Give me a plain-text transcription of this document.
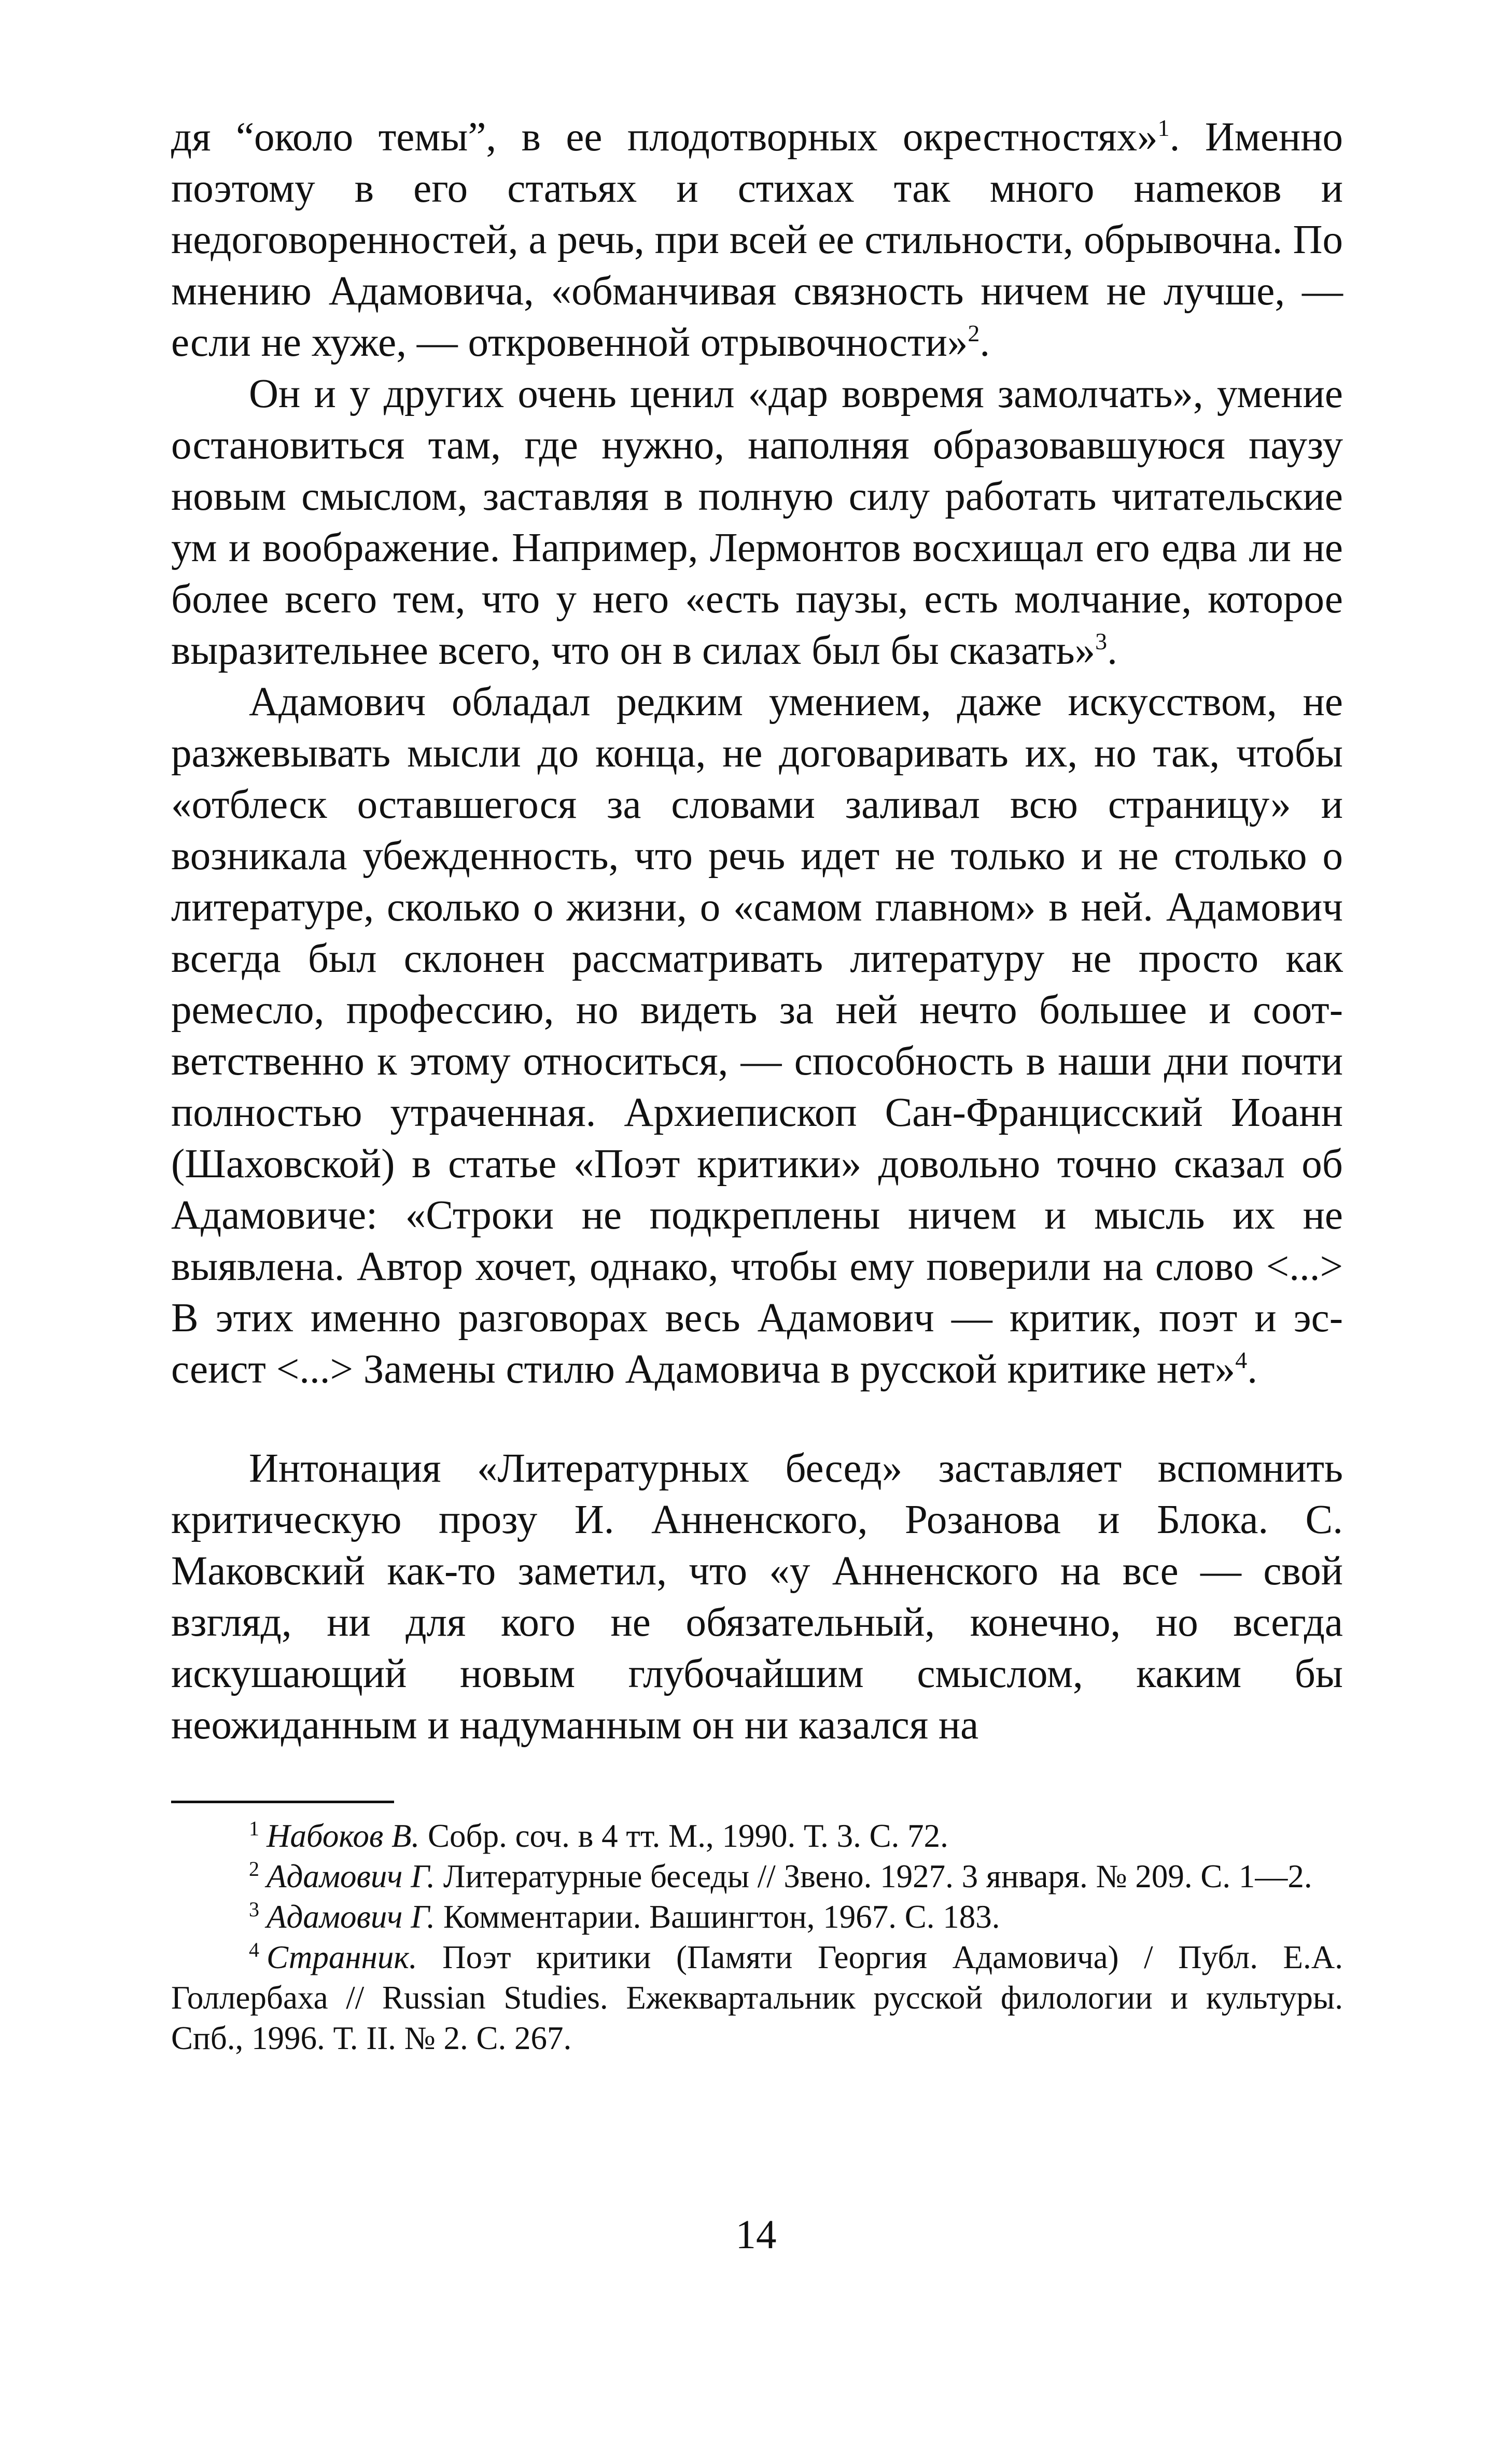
дя “около темы”, в ее плодотворных окрестностях»$^1$. Именно поэтому в его статьях и стихах так много наmеков и недоговоренностей, а речь, при всей ее стильности, обрывочна. По мнению Адамовича, «обманчивая связность ничем не лучше, — если не хуже, — откровенной отрывочности»$^2$.

Он и у других очень ценил «дар вовремя замолчать», умение остановиться там, где нужно, наполняя образовавшуюся паузу новым смыслом, заставляя в полную силу работать читательские ум и воображение. Например, Лермонтов восхищал его едва ли не более всего тем, что у него «есть паузы, есть молчание, которое выразительнее всего, что он в силах был бы сказать»$^3$.

Адамович обладал редким умением, даже искусством, не разжевывать мысли до конца, не договаривать их, но так, чтобы «отблеск оставшегося за словами заливал всю страницу» и возникала убежденность, что речь идет не только и не столько о литературе, сколько о жизни, о «самом главном» в ней. Адамович всегда был склонен рассматривать литературу не просто как ремесло, профессию, но видеть за ней нечто большее и соответственно к этому относиться, — способность в наши дни почти полностью утраченная. Архиепископ Сан-Францисский Иоанн (Шаховской) в статье «Поэт критики» довольно точно сказал об Адамовиче: «Строки не подкреплены ничем и мысль их не выявлена. Автор хочет, однако, чтобы ему поверили на слово <...> В этих именно разговорах весь Адамович — критик, поэт и эссеист <...> Замены стилю Адамовича в русской критике нет»$^4$.

Интонация «Литературных бесед» заставляет вспомнить критическую прозу И. Анненского, Розанова и Блока. С. Маковский как-то заметил, что «у Анненского на все — свой взгляд, ни для кого не обязательный, конечно, но всегда искушающий новым глубочайшим смыслом, каким бы неожиданным и надуманным он ни казался на

$^1$ Набоков В. Собр. соч. в 4 тт. М., 1990. Т. 3. С. 72.

$^2$ Адамович Г. Литературные беседы // Звено. 1927. 3 января. № 209. С. 1—2.

$^3$ Адамович Г. Комментарии. Вашингтон, 1967. С. 183.

$^4$ Странник. Поэт критики (Памяти Георгия Адамовича) / Публ. Е.А. Голлербаха // Russian Studies. Ежеквартальник русской филологии и культуры. Спб., 1996. Т. II. № 2. С. 267.

14
